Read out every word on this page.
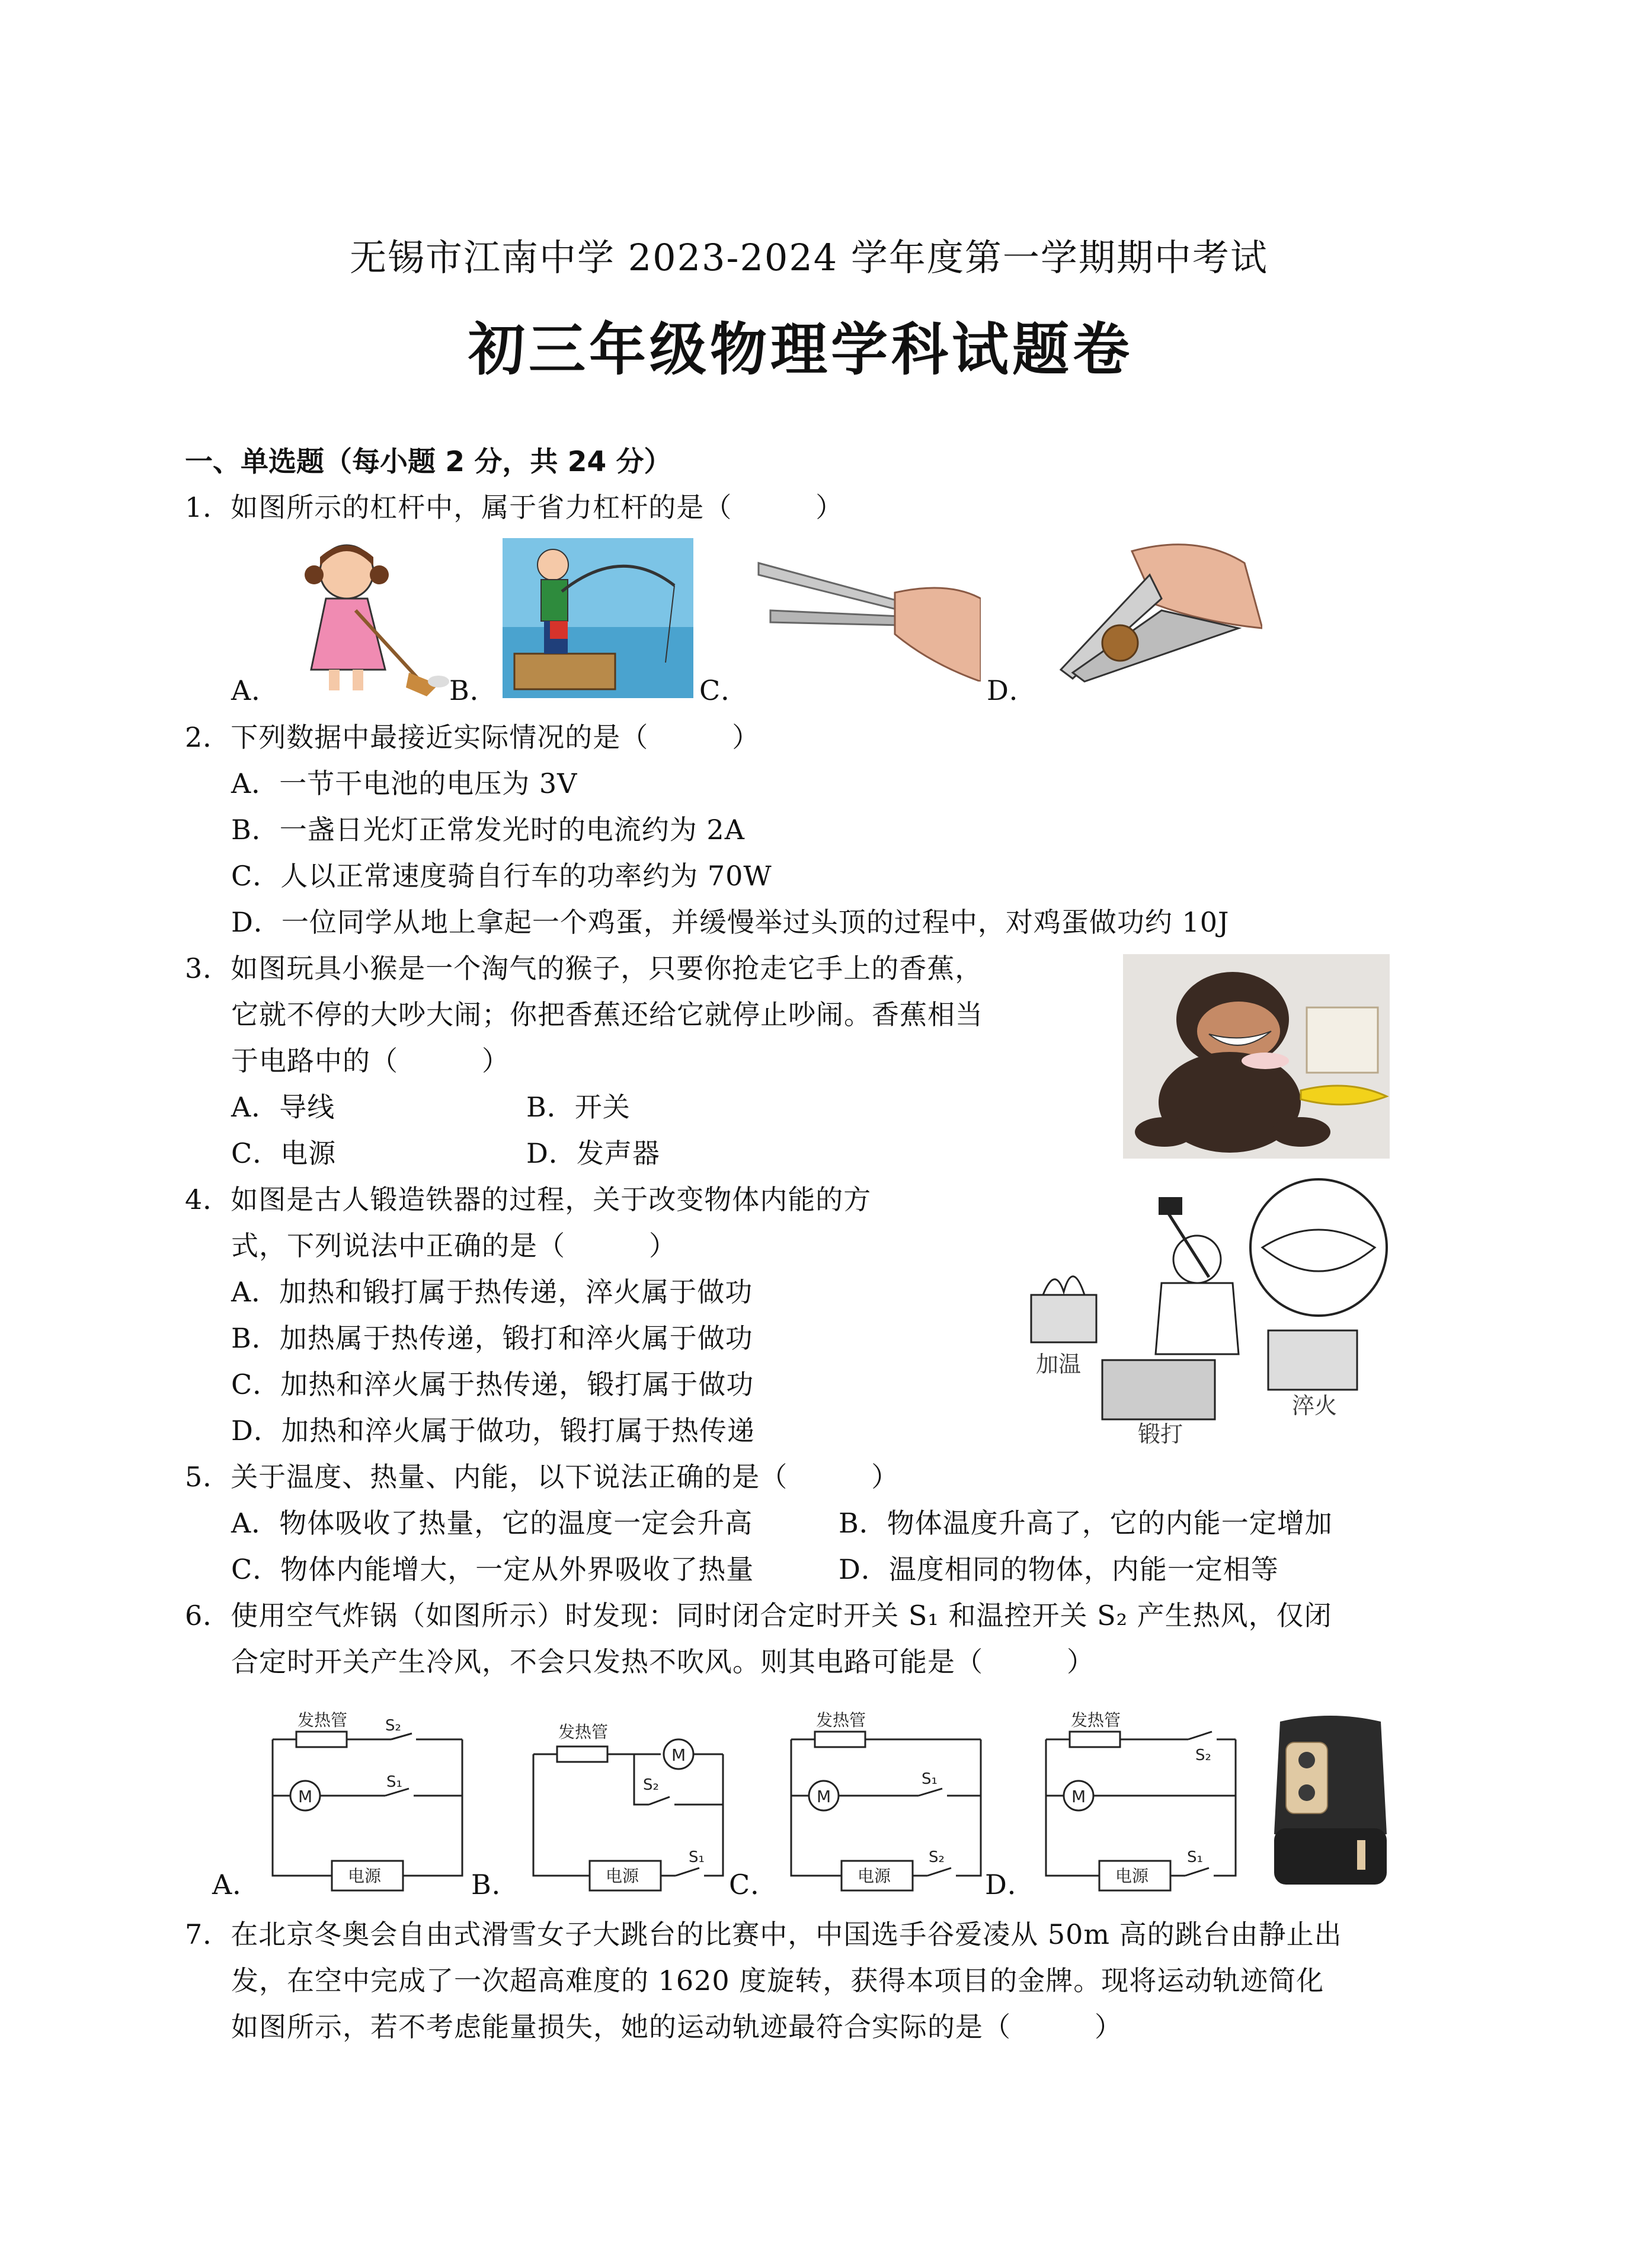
无锡市江南中学 2023-2024 学年度第一学期期中考试
初三年级物理学科试题卷
一、单选题（每小题 2 分，共 24 分）
1．如图所示的杠杆中，属于省力杠杆的是（　　　）
A．	B．	C．	D．
2．下列数据中最接近实际情况的是（　　　）
A．一节干电池的电压为 3V
B．一盏日光灯正常发光时的电流约为 2A
C．人以正常速度骑自行车的功率约为 70W
D．一位同学从地上拿起一个鸡蛋，并缓慢举过头顶的过程中，对鸡蛋做功约 10J
3．如图玩具小猴是一个淘气的猴子，只要你抢走它手上的香蕉，
它就不停的大吵大闹；你把香蕉还给它就停止吵闹。香蕉相当
于电路中的（　　　）
A．导线	B．开关
C．电源	D．发声器
4．如图是古人锻造铁器的过程，关于改变物体内能的方
式，下列说法中正确的是（　　　）
A．加热和锻打属于热传递，淬火属于做功
B．加热属于热传递，锻打和淬火属于做功
C．加热和淬火属于热传递，锻打属于做功
D．加热和淬火属于做功，锻打属于热传递
加温
锻打
淬火
5．关于温度、热量、内能，以下说法正确的是（　　　）
A．物体吸收了热量，它的温度一定会升高	B．物体温度升高了，它的内能一定增加
C．物体内能增大，一定从外界吸收了热量	D．温度相同的物体，内能一定相等
6．使用空气炸锅（如图所示）时发现：同时闭合定时开关 S₁ 和温控开关 S₂ 产生热风，仅闭
合定时开关产生冷风，不会只发热不吹风。则其电路可能是（　　　）
发热管 S₂
S₁
M
电源
发热管
M
S₂
电源
S₁
发热管
S₁
M
电源
S₂
发热管
S₂
M
电源
S₁
A．	B．	C．	D．
7．在北京冬奥会自由式滑雪女子大跳台的比赛中，中国选手谷爱凌从 50m 高的跳台由静止出
发，在空中完成了一次超高难度的 1620 度旋转，获得本项目的金牌。现将运动轨迹简化
如图所示，若不考虑能量损失，她的运动轨迹最符合实际的是（　　　）
